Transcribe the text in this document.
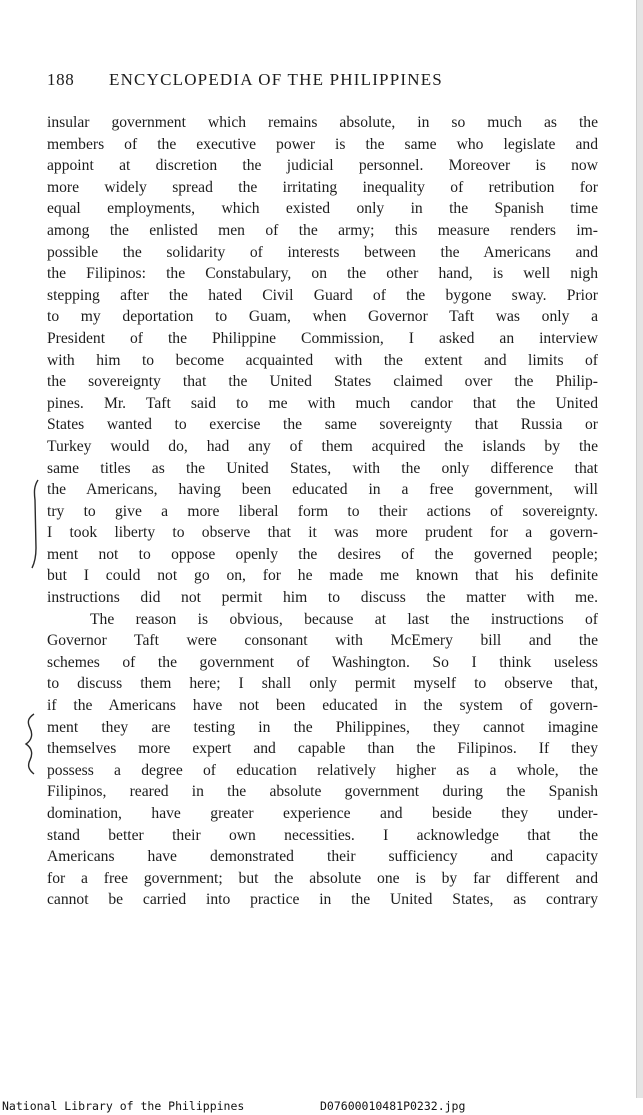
188 ENCYCLOPEDIA OF THE PHILIPPINES
insular government which remains absolute, in so much as the
members of the executive power is the same who legislate and
appoint at discretion the judicial personnel. Moreover is now
more widely spread the irritating inequality of retribution for
equal employments, which existed only in the Spanish time
among the enlisted men of the army; this measure renders im-
possible the solidarity of interests between the Americans and
the Filipinos: the Constabulary, on the other hand, is well nigh
stepping after the hated Civil Guard of the bygone sway. Prior
to my deportation to Guam, when Governor Taft was only a
President of the Philippine Commission, I asked an interview
with him to become acquainted with the extent and limits of
the sovereignty that the United States claimed over the Philip-
pines. Mr. Taft said to me with much candor that the United
States wanted to exercise the same sovereignty that Russia or
Turkey would do, had any of them acquired the islands by the
same titles as the United States, with the only difference that
the Americans, having been educated in a free government, will
try to give a more liberal form to their actions of sovereignty.
I took liberty to observe that it was more prudent for a govern-
ment not to oppose openly the desires of the governed people;
but I could not go on, for he made me known that his definite
instructions did not permit him to discuss the matter with me.
The reason is obvious, because at last the instructions of
Governor Taft were consonant with McEmery bill and the
schemes of the government of Washington. So I think useless
to discuss them here; I shall only permit myself to observe that,
if the Americans have not been educated in the system of govern-
ment they are testing in the Philippines, they cannot imagine
themselves more expert and capable than the Filipinos. If they
possess a degree of education relatively higher as a whole, the
Filipinos, reared in the absolute government during the Spanish
domination, have greater experience and beside they under-
stand better their own necessities. I acknowledge that the
Americans have demonstrated their sufficiency and capacity
for a free government; but the absolute one is by far different and
cannot be carried into practice in the United States, as contrary
National Library of the Philippines	D07600010481P0232.jpg
